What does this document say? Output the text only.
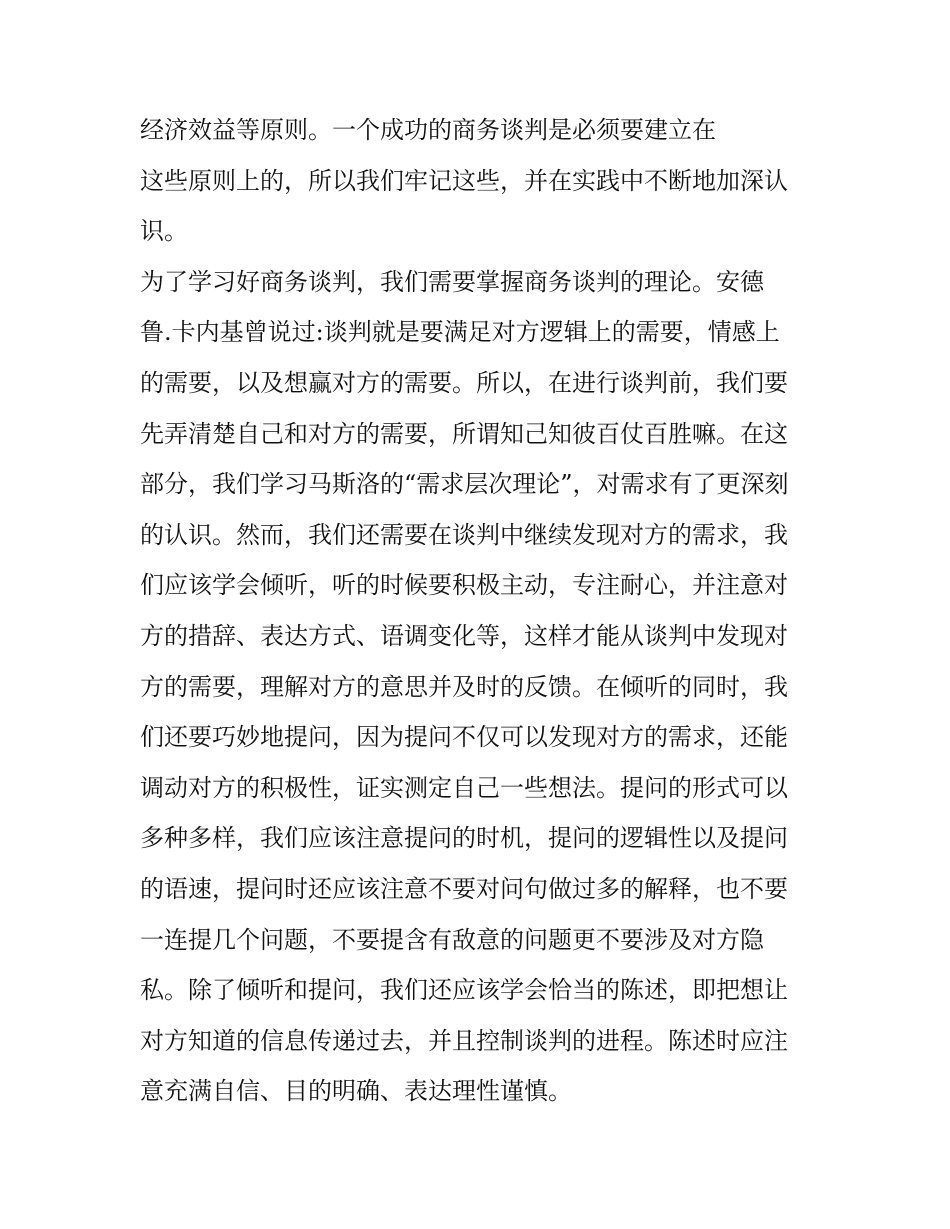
经济效益等原则。一个成功的商务谈判是必须要建立在
这些原则上的，所以我们牢记这些，并在实践中不断地加深认
识。
为了学习好商务谈判，我们需要掌握商务谈判的理论。安德
鲁.卡内基曾说过:谈判就是要满足对方逻辑上的需要，情感上
的需要，以及想赢对方的需要。所以，在进行谈判前，我们要
先弄清楚自己和对方的需要，所谓知己知彼百仗百胜嘛。在这
部分，我们学习马斯洛的“需求层次理论”，对需求有了更深刻
的认识。然而，我们还需要在谈判中继续发现对方的需求，我
们应该学会倾听，听的时候要积极主动，专注耐心，并注意对
方的措辞、表达方式、语调变化等，这样才能从谈判中发现对
方的需要，理解对方的意思并及时的反馈。在倾听的同时，我
们还要巧妙地提问，因为提问不仅可以发现对方的需求，还能
调动对方的积极性，证实测定自己一些想法。提问的形式可以
多种多样，我们应该注意提问的时机，提问的逻辑性以及提问
的语速，提问时还应该注意不要对问句做过多的解释，也不要
一连提几个问题，不要提含有敌意的问题更不要涉及对方隐
私。除了倾听和提问，我们还应该学会恰当的陈述，即把想让
对方知道的信息传递过去，并且控制谈判的进程。陈述时应注
意充满自信、目的明确、表达理性谨慎。
